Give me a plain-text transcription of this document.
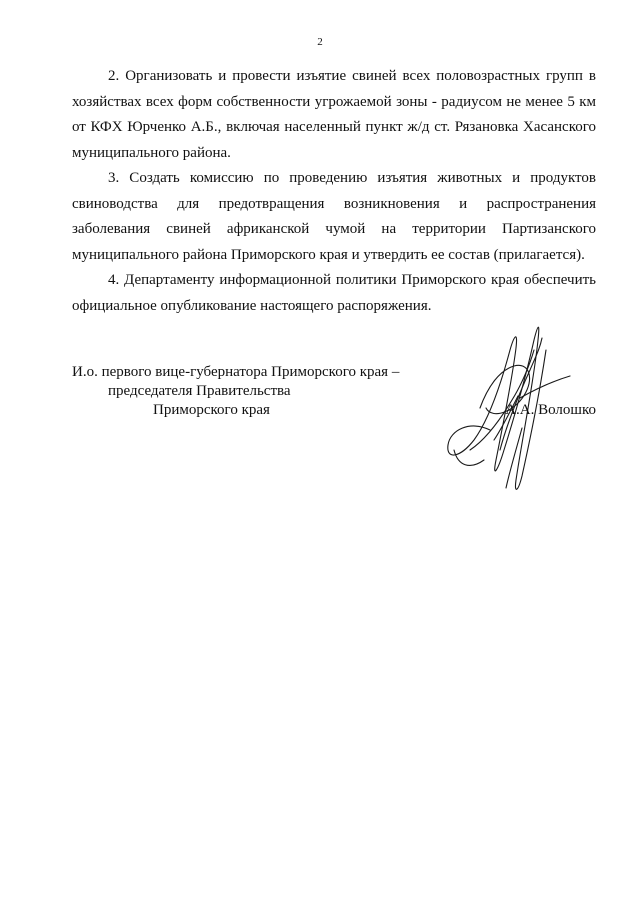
2

2. Организовать и провести изъятие свиней всех половозрастных групп в хозяйствах всех форм собственности угрожаемой зоны - радиусом не менее 5 км от КФХ Юрченко А.Б., включая населенный пункт ж/д ст. Рязановка Хасанского муниципального района.

3. Создать комиссию по проведению изъятия животных и продуктов свиноводства для предотвращения возникновения и распространения заболевания свиней африканской чумой на территории Партизанского муниципального района Приморского края и утвердить ее состав (прилагается).

4. Департаменту информационной политики Приморского края обеспечить официальное опубликование настоящего распоряжения.

И.о. первого вице-губернатора Приморского края –
председателя Правительства
Приморского края	А.А. Волошко
